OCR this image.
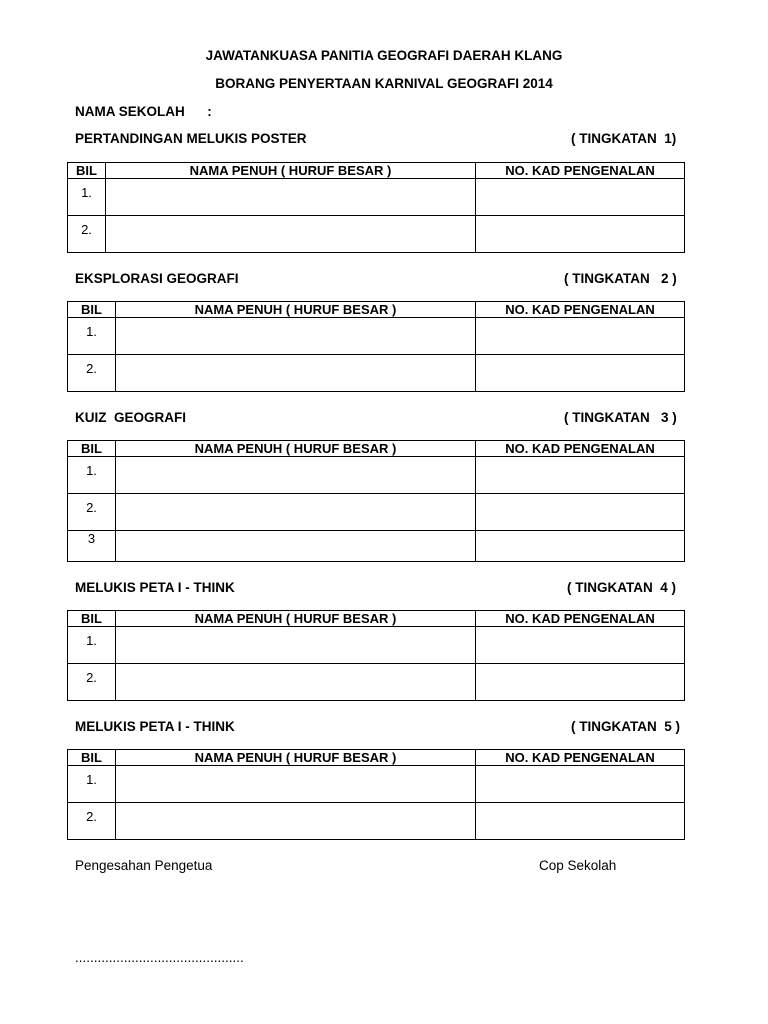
JAWATANKUASA PANITIA GEOGRAFI DAERAH KLANG
BORANG PENYERTAAN KARNIVAL GEOGRAFI 2014
NAMA SEKOLAH      :
PERTANDINGAN MELUKIS POSTER	( TINGKATAN  1)
BIL	NAMA PENUH ( HURUF BESAR )	NO. KAD PENGENALAN
1.		
2.		
EKSPLORASI GEOGRAFI	( TINGKATAN   2 )
BIL	NAMA PENUH ( HURUF BESAR )	NO. KAD PENGENALAN
1.		
2.		
KUIZ  GEOGRAFI	( TINGKATAN   3 )
BIL	NAMA PENUH ( HURUF BESAR )	NO. KAD PENGENALAN
1.		
2.		
3		
MELUKIS PETA I - THINK	( TINGKATAN  4 )
BIL	NAMA PENUH ( HURUF BESAR )	NO. KAD PENGENALAN
1.		
2.		
MELUKIS PETA I - THINK	( TINGKATAN  5 )
BIL	NAMA PENUH ( HURUF BESAR )	NO. KAD PENGENALAN
1.		
2.		
Pengesahan Pengetua	Cop Sekolah
.............................................
